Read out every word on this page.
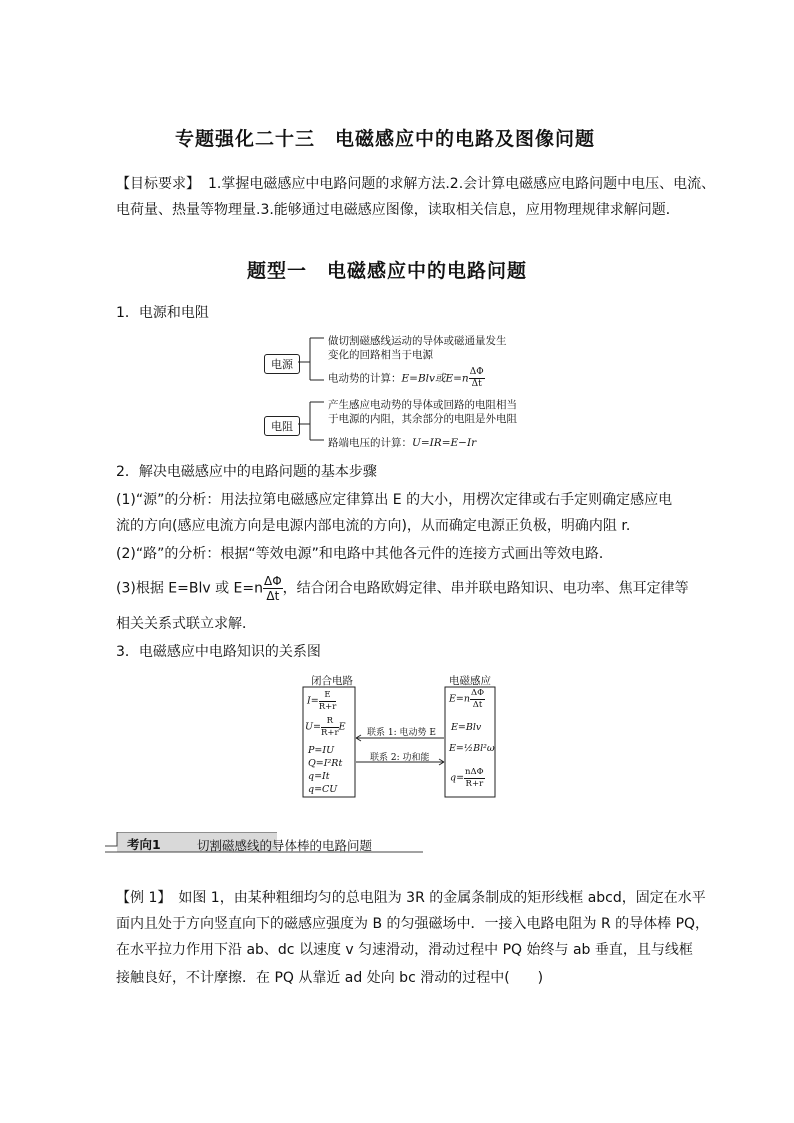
专题强化二十三　电磁感应中的电路及图像问题
【目标要求】 1.掌握电磁感应中电路问题的求解方法.2.会计算电磁感应电路问题中电压、电流、
电荷量、热量等物理量.3.能够通过电磁感应图像，读取相关信息，应用物理规律求解问题．
题型一　电磁感应中的电路问题
1．电源和电阻
电源
电阻
做切割磁感线运动的导体或磁通量发生
变化的回路相当于电源
电动势的计算：E=Blv或$E=n \frac{\Delta\Phi}{\Delta t}$
产生感应电动势的导体或回路的电阻相当
于电源的内阻，其余部分的电阻是外电阻
路端电压的计算：U=IR=E−Ir
2．解决电磁感应中的电路问题的基本步骤
(1)“源”的分析：用法拉第电磁感应定律算出 E 的大小，用楞次定律或右手定则确定感应电
流的方向(感应电流方向是电源内部电流的方向)，从而确定电源正负极，明确内阻 r.
(2)“路”的分析：根据“等效电源”和电路中其他各元件的连接方式画出等效电路．
(3)根据 E=Blv 或 $E=n \frac{\Delta\Phi}{\Delta t}$ ，结合闭合电路欧姆定律、串并联电路知识、电功率、焦耳定律等
相关关系式联立求解．
3．电磁感应中电路知识的关系图
闭合电路	电磁感应
联系 1: 电动势 E
联系 2: 功和能
$I= \frac{E}{R+r}$
$U= \frac{R}{R+r}$ E
P=IU
Q=I²Rt
q=It
q=CU
$E=n \frac{\Delta\Phi}{\Delta t}$
E=Blv
E=½Bl²ω
$q= \frac{\text{nΔΦ}}{R+r}$
考向1	切割磁感线的导体棒的电路问题
【例 1】　如图 1，由某种粗细均匀的总电阻为 3R 的金属条制成的矩形线框 abcd，固定在水平
面内且处于方向竖直向下的磁感应强度为 B 的匀强磁场中．一接入电路电阻为 R 的导体棒 PQ，
在水平拉力作用下沿 ab、dc 以速度 v 匀速滑动，滑动过程中 PQ 始终与 ab 垂直，且与线框
接触良好，不计摩擦．在 PQ 从靠近 ad 处向 bc 滑动的过程中(　　)
